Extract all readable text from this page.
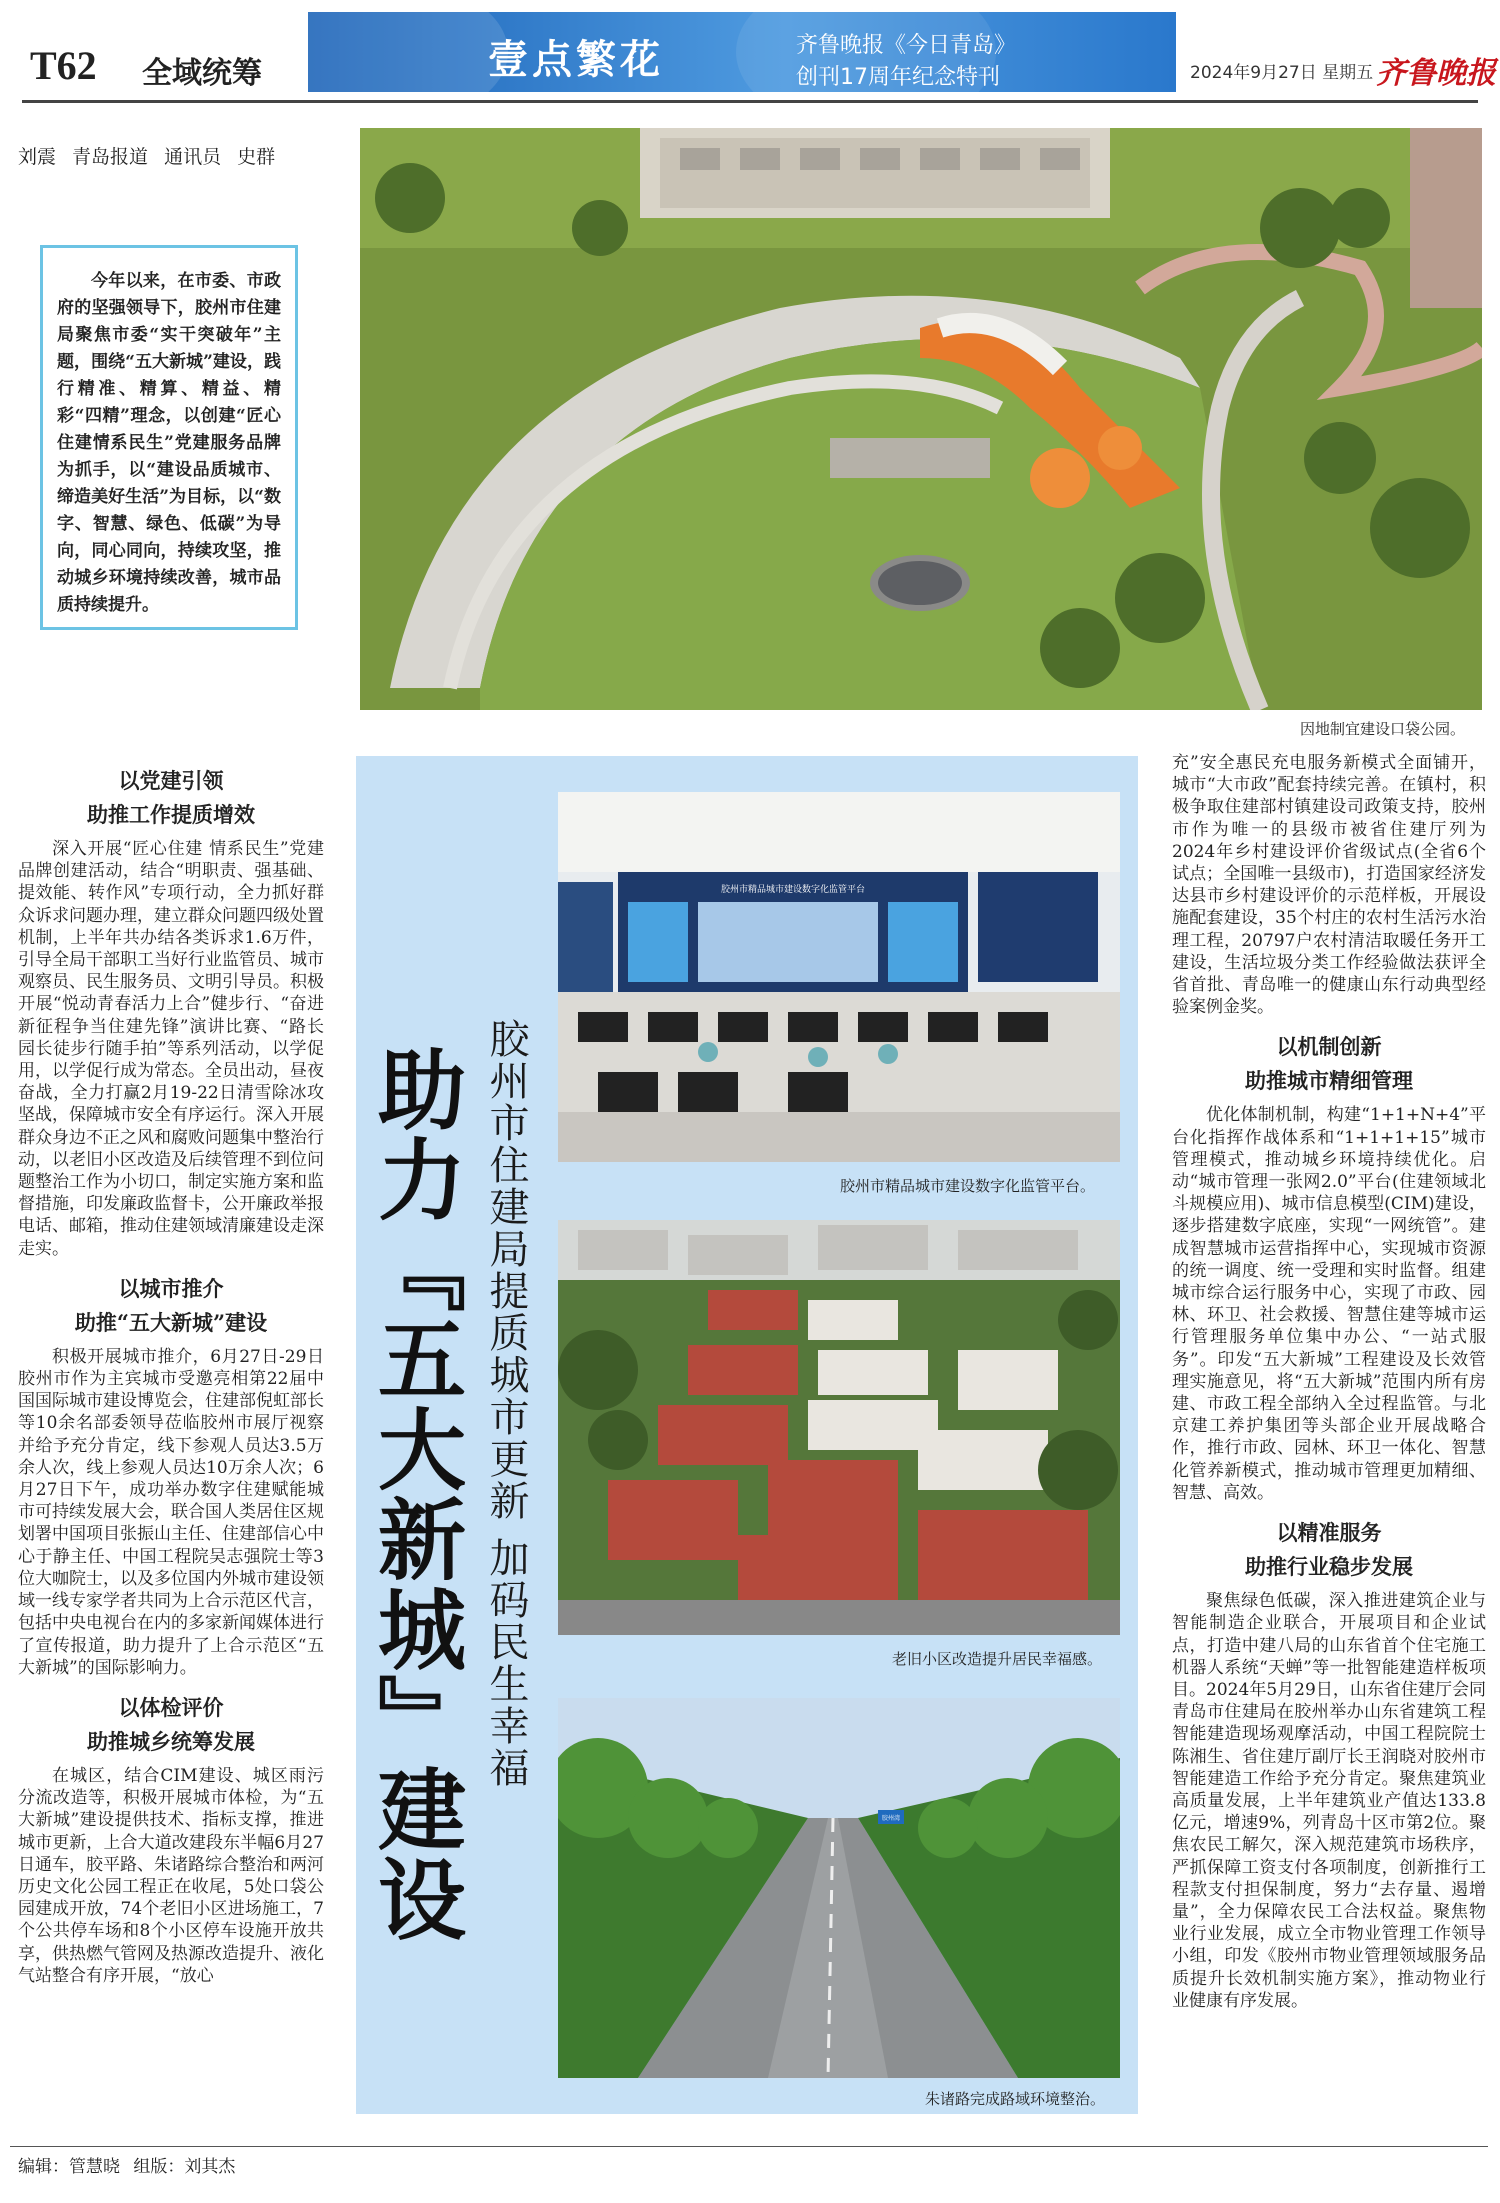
T62 全域统筹	壹点繁花	齐鲁晚报《今日青岛》
创刊17周年纪念特刊	2024年9月27日 星期五 齐鲁晚报
刘震 青岛报道 通讯员 史群
今年以来，在市委、市政府的坚强领导下，胶州市住建局聚焦市委“实干突破年”主题，围绕“五大新城”建设，践行精准、精算、精益、精彩“四精”理念，以创建“匠心住建情系民生”党建服务品牌为抓手，以“建设品质城市、缔造美好生活”为目标，以“数字、智慧、绿色、低碳”为导向，同心同向，持续攻坚，推动城乡环境持续改善，城市品质持续提升。
因地制宜建设口袋公园。
助力『五大新城』建设 胶州市住建局提质城市更新 加码民生幸福
胶州市精品城市建设数字化监管平台
胶州市精品城市建设数字化监管平台。
老旧小区改造提升居民幸福感。
胶州湾
朱诸路完成路域环境整治。
以党建引领
助推工作提质增效

深入开展“匠心住建 情系民生”党建品牌创建活动，结合“明职责、强基础、提效能、转作风”专项行动，全力抓好群众诉求问题办理，建立群众问题四级处置机制，上半年共办结各类诉求1.6万件，引导全局干部职工当好行业监管员、城市观察员、民生服务员、文明引导员。积极开展“悦动青春活力上合”健步行、“奋进新征程争当住建先锋”演讲比赛、“路长园长徒步行随手拍”等系列活动，以学促用，以学促行成为常态。全员出动，昼夜奋战，全力打赢2月19-22日清雪除冰攻坚战，保障城市安全有序运行。深入开展群众身边不正之风和腐败问题集中整治行动，以老旧小区改造及后续管理不到位问题整治工作为小切口，制定实施方案和监督措施，印发廉政监督卡，公开廉政举报电话、邮箱，推动住建领域清廉建设走深走实。

以城市推介
助推“五大新城”建设

积极开展城市推介，6月27日-29日胶州市作为主宾城市受邀亮相第22届中国国际城市建设博览会，住建部倪虹部长等10余名部委领导莅临胶州市展厅视察并给予充分肯定，线下参观人员达3.5万余人次，线上参观人员达10万余人次；6月27日下午，成功举办数字住建赋能城市可持续发展大会，联合国人类居住区规划署中国项目张振山主任、住建部信心中心于静主任、中国工程院吴志强院士等3位大咖院士，以及多位国内外城市建设领域一线专家学者共同为上合示范区代言，包括中央电视台在内的多家新闻媒体进行了宣传报道，助力提升了上合示范区“五大新城”的国际影响力。

以体检评价
助推城乡统筹发展

在城区，结合CIM建设、城区雨污分流改造等，积极开展城市体检，为“五大新城”建设提供技术、指标支撑，推进城市更新，上合大道改建段东半幅6月27日通车，胶平路、朱诸路综合整治和两河历史文化公园工程正在收尾，5处口袋公园建成开放，74个老旧小区进场施工，7个公共停车场和8个小区停车设施开放共享，供热燃气管网及热源改造提升、液化气站整合有序开展，“放心

充”安全惠民充电服务新模式全面铺开，城市“大市政”配套持续完善。在镇村，积极争取住建部村镇建设司政策支持，胶州市作为唯一的县级市被省住建厅列为2024年乡村建设评价省级试点(全省6个试点；全国唯一县级市)，打造国家经济发达县市乡村建设评价的示范样板，开展设施配套建设，35个村庄的农村生活污水治理工程，20797户农村清洁取暖任务开工建设，生活垃圾分类工作经验做法获评全省首批、青岛唯一的健康山东行动典型经验案例金奖。
以机制创新
助推城市精细管理

优化体制机制，构建“1+1+N+4”平台化指挥作战体系和“1+1+1+15”城市管理模式，推动城乡环境持续优化。启动“城市管理一张网2.0”平台(住建领域北斗规模应用)、城市信息模型(CIM)建设，逐步搭建数字底座，实现“一网统管”。建成智慧城市运营指挥中心，实现城市资源的统一调度、统一受理和实时监督。组建城市综合运行服务中心，实现了市政、园林、环卫、社会救援、智慧住建等城市运行管理服务单位集中办公、“一站式服务”。印发“五大新城”工程建设及长效管理实施意见，将“五大新城”范围内所有房建、市政工程全部纳入全过程监管。与北京建工养护集团等头部企业开展战略合作，推行市政、园林、环卫一体化、智慧化管养新模式，推动城市管理更加精细、智慧、高效。

以精准服务
助推行业稳步发展

聚焦绿色低碳，深入推进建筑企业与智能制造企业联合，开展项目和企业试点，打造中建八局的山东省首个住宅施工机器人系统“天蝉”等一批智能建造样板项目。2024年5月29日，山东省住建厅会同青岛市住建局在胶州举办山东省建筑工程智能建造现场观摩活动，中国工程院院士陈湘生、省住建厅副厅长王润晓对胶州市智能建造工作给予充分肯定。聚焦建筑业高质量发展，上半年建筑业产值达133.8亿元，增速9%，列青岛十区市第2位。聚焦农民工解欠，深入规范建筑市场秩序，严抓保障工资支付各项制度，创新推行工程款支付担保制度，努力“去存量、遏增量”，全力保障农民工合法权益。聚焦物业行业发展，成立全市物业管理工作领导小组，印发《胶州市物业管理领域服务品质提升长效机制实施方案》，推动物业行业健康有序发展。

编辑：管慧晓 组版：刘其杰
